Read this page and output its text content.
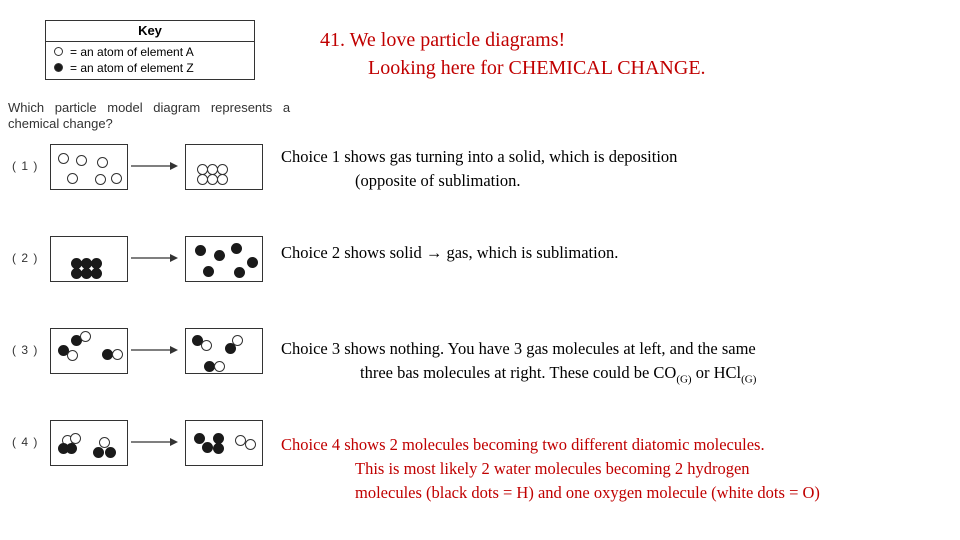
Key
= an atom of element A
= an atom of element Z
41. We love particle diagrams!
Looking here for CHEMICAL CHANGE.
Which particle model diagram represents a
chemical change?
( 1 )
( 2 )
( 3 )
( 4 )
Choice 1 shows gas turning into a solid, which is deposition
(opposite of sublimation.
Choice 2 shows solid → gas, which is sublimation.
Choice 3 shows nothing. You have 3 gas molecules at left, and the same
three bas molecules at right. These could be $CO_{(G)}$ or HCl$_{(G)}$
Choice 4 shows 2 molecules becoming two different diatomic molecules.
This is most likely 2 water molecules becoming 2 hydrogen
molecules (black dots = H) and one oxygen molecule (white dots = O)
